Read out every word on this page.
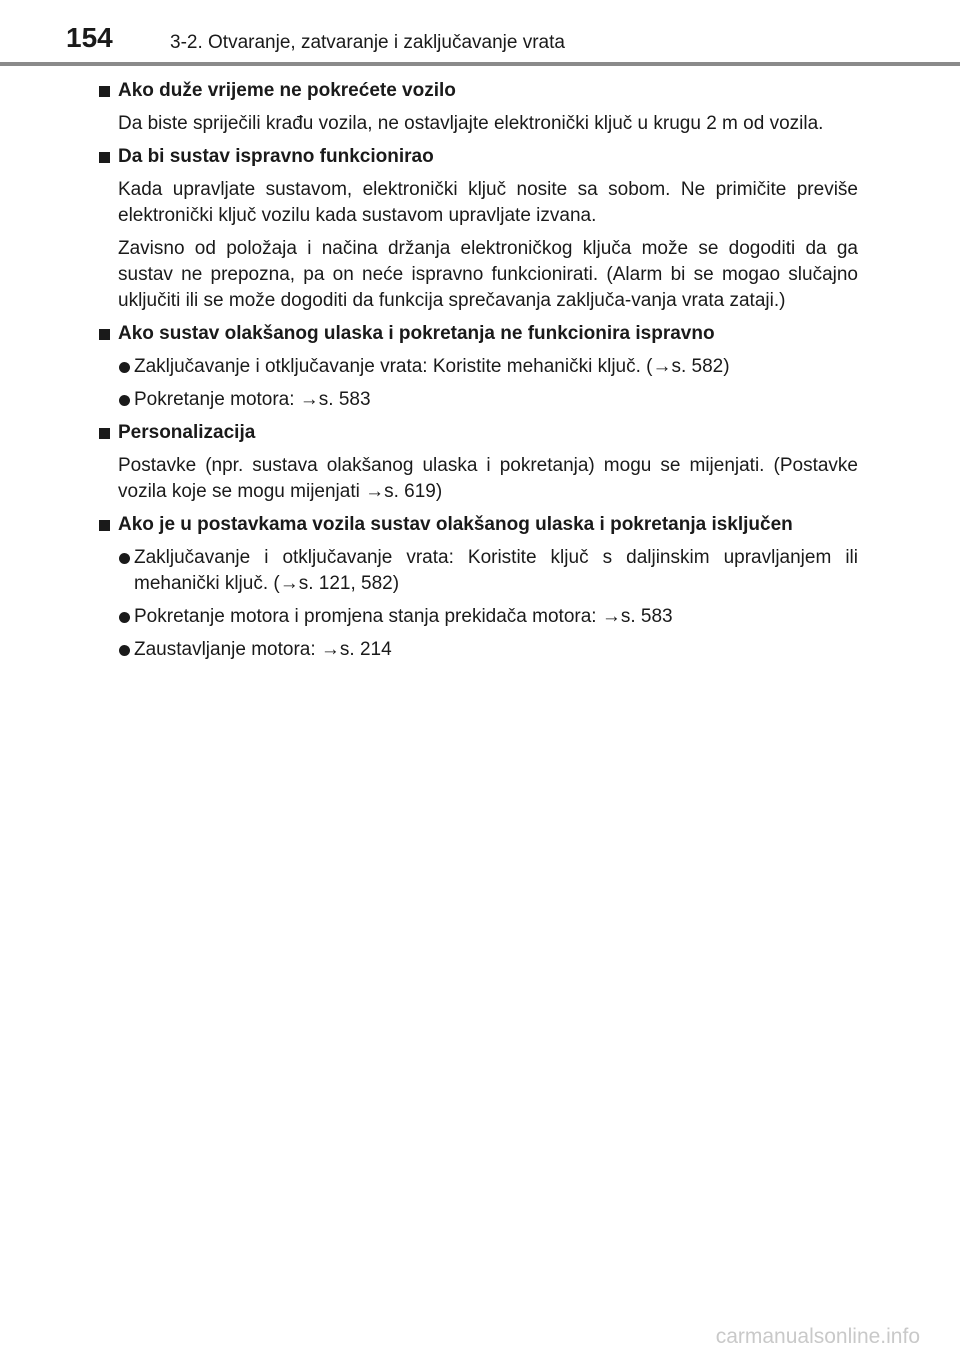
154	3-2. Otvaranje, zatvaranje i zaključavanje vrata
Ako duže vrijeme ne pokrećete vozilo
Da biste spriječili krađu vozila, ne ostavljajte elektronički ključ u krugu 2 m od vozila.
Da bi sustav ispravno funkcionirao
Kada upravljate sustavom, elektronički ključ nosite sa sobom. Ne primičite previše elektronički ključ vozilu kada sustavom upravljate izvana.
Zavisno od položaja i načina držanja elektroničkog ključa može se dogoditi da ga sustav ne prepozna, pa on neće ispravno funkcionirati. (Alarm bi se mogao slučajno uključiti ili se može dogoditi da funkcija sprečavanja zaključa-vanja vrata zataji.)
Ako sustav olakšanog ulaska i pokretanja ne funkcionira ispravno
Zaključavanje i otključavanje vrata: Koristite mehanički ključ. (→s. 582)
Pokretanje motora: →s. 583
Personalizacija
Postavke (npr. sustava olakšanog ulaska i pokretanja) mogu se mijenjati. (Postavke vozila koje se mogu mijenjati →s. 619)
Ako je u postavkama vozila sustav olakšanog ulaska i pokretanja isključen
Zaključavanje i otključavanje vrata: Koristite ključ s daljinskim upravljanjem ili mehanički ključ. (→s. 121, 582)
Pokretanje motora i promjena stanja prekidača motora: →s. 583
Zaustavljanje motora: →s. 214
carmanualsonline.info
